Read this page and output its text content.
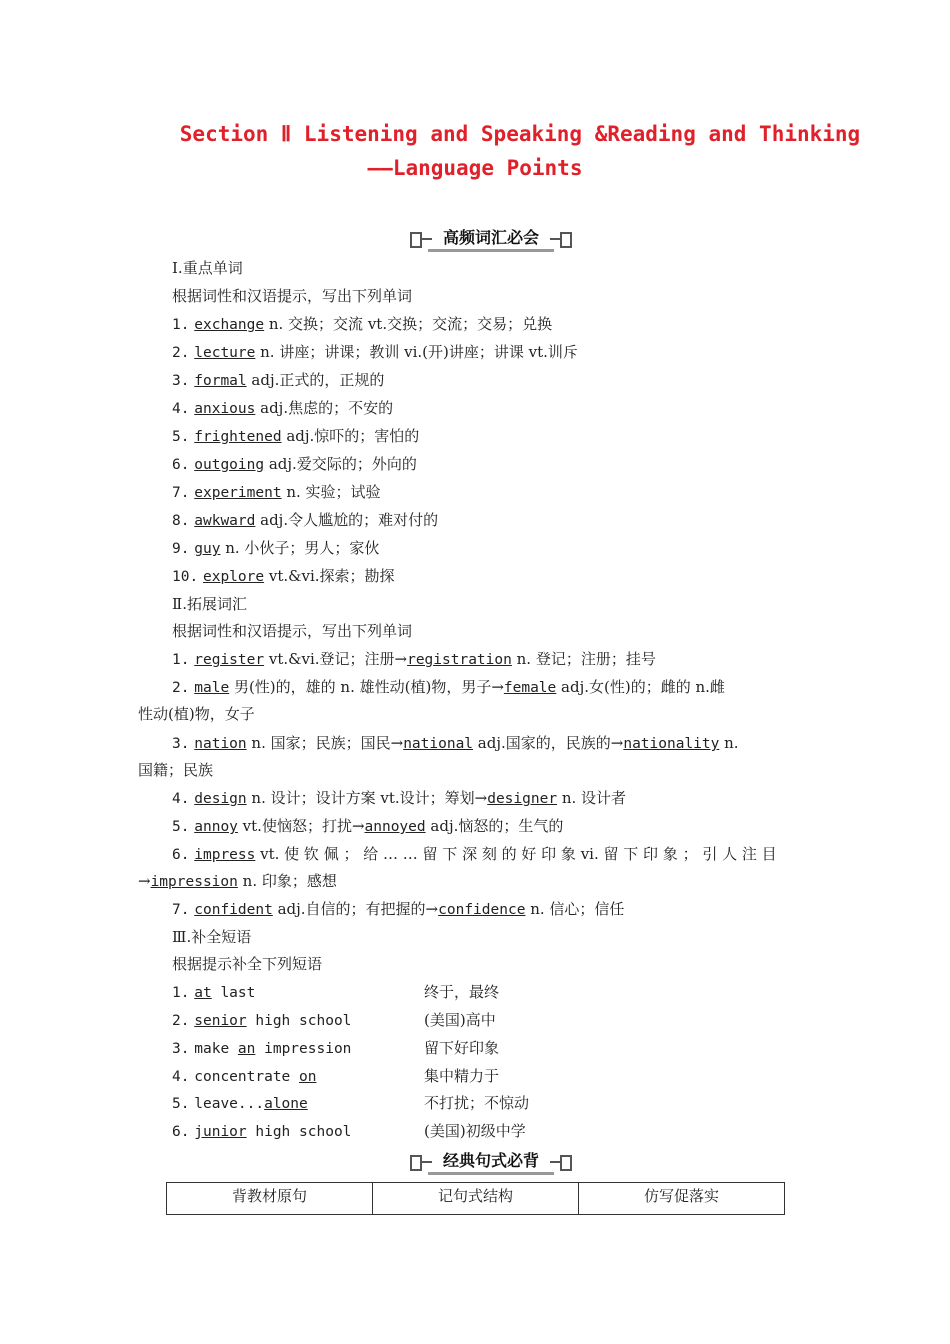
Section Ⅱ Listening and Speaking &Reading and Thinking
——Language Points
高频词汇必会
Ⅰ.重点单词
根据词性和汉语提示，写出下列单词
1. exchange n. 交换；交流 vt.交换；交流；交易；兑换
2. lecture n. 讲座；讲课；教训 vi.(开)讲座；讲课 vt.训斥
3. formal adj.正式的，正规的
4. anxious adj.焦虑的；不安的
5. frightened adj.惊吓的；害怕的
6. outgoing adj.爱交际的；外向的
7. experiment n. 实验；试验
8. awkward adj.令人尴尬的；难对付的
9. guy n. 小伙子；男人；家伙
10. explore vt.&vi.探索；勘探
Ⅱ.拓展词汇
根据词性和汉语提示，写出下列单词
1. register vt.&vi.登记；注册→registration n. 登记；注册；挂号
2. male 男(性)的，雄的 n. 雄性动(植)物，男子→female adj.女(性)的；雌的 n.雌
性动(植)物，女子
3. nation n. 国家；民族；国民→national adj.国家的，民族的→nationality n.
国籍；民族
4. design n. 设计；设计方案 vt.设计；筹划→designer n. 设计者
5. annoy vt.使恼怒；打扰→annoyed adj.恼怒的；生气的
6. impress vt. 使 钦 佩 ； 给 … … 留 下 深 刻 的 好 印 象 vi. 留 下 印 象 ； 引 人 注 目
→impression n. 印象；感想
7. confident adj.自信的；有把握的→confidence n. 信心；信任
Ⅲ.补全短语
根据提示补全下列短语
1. at last	终于，最终
2. senior high school	(美国)高中
3. make an impression	留下好印象
4. concentrate on	集中精力于
5. leave...alone	不打扰；不惊动
6. junior high school	(美国)初级中学
经典句式必背
背教材原句	记句式结构	仿写促落实
